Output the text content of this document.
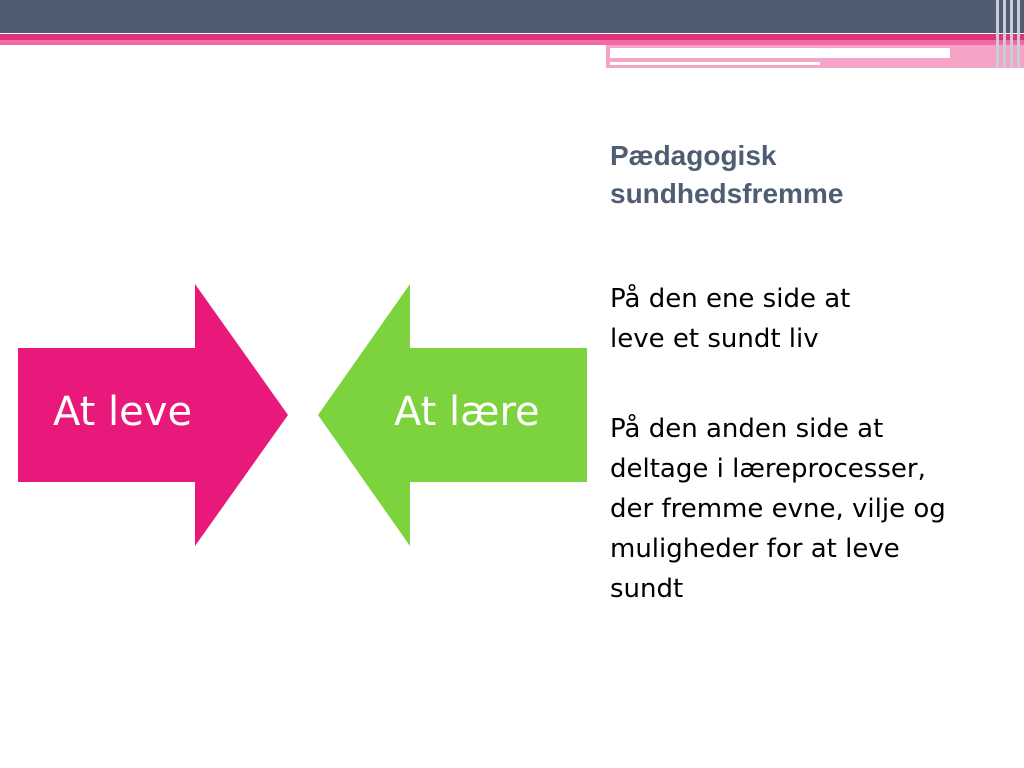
At leve	At lære
Pædagogisk sundhedsfremme
På den ene side at leve et sundt liv
På den anden side at deltage i læreprocesser, der fremme evne, vilje og muligheder for at leve sundt
